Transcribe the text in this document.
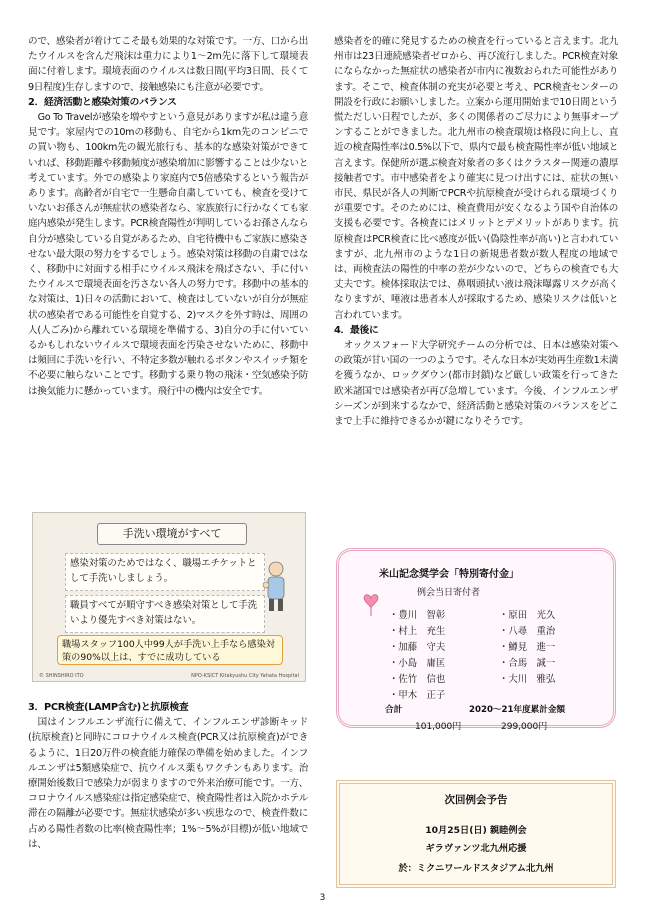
ので、感染者が着けてこそ最も効果的な対策です。一方、口から出たウイルスを含んだ飛沫は重力により1～2m先に落下して環境表面に付着します。環境表面のウイルスは数日間(平均3日間、長くて9日程度)生存しますので、接触感染にも注意が必要です。

2．経済活動と感染対策のバランス

Go To Travelが感染を増やすという意見がありますが私は違う意見です。家屋内での10mの移動も、自宅から1km先のコンビニでの買い物も、100km先の観光旅行も、基本的な感染対策ができていれば、移動距離や移動頻度が感染増加に影響することは少ないと考えています。外での感染より家庭内で5倍感染するという報告があります。高齢者が自宅で一生懸命自粛していても、検査を受けていないお孫さんが無症状の感染者なら、家族旅行に行かなくても家庭内感染が発生します。PCR検査陽性が判明しているお孫さんなら自分が感染している自覚があるため、自宅待機中もご家族に感染させない最大限の努力をするでしょう。感染対策は移動の自粛ではなく、移動中に対面する相手にウイルス飛沫を飛ばさない、手に付いたウイルスで環境表面を汚さない各人の努力です。移動中の基本的な対策は、1)日々の活動において、検査はしていないが自分が無症状の感染者である可能性を自覚する、2)マスクを外す時は、周囲の人(人ごみ)から離れている環境を準備する、3)自分の手に付いているかもしれないウイルスで環境表面を汚染させないために、移動中は頻回に手洗いを行い、不特定多数が触れるボタンやスイッチ類を不必要に触らないことです。移動する乗り物の飛沫・空気感染予防は換気能力に懸かっています。飛行中の機内は安全です。

手洗い環境がすべて
感染対策のためではなく、職場エチケットとして手洗いしましょう。
職員すべてが順守すべき感染対策として手洗いより優先すべき対策はない。
職場スタッフ100人中99人が手洗い上手なら感染対策の90%以上は、すでに成功している
© SHINSHIRO ITO	NPO-KSICT Kitakyushu City Yahata Hospital
3．PCR検査(LAMP含む)と抗原検査

国はインフルエンザ流行に備えて、インフルエンザ診断キッド(抗原検査)と同時にコロナウイルス検査(PCR又は抗原検査)ができるように、1日20万件の検査能力確保の準備を始めました。インフルエンザは5類感染症で、抗ウイルス薬もワクチンもあります。治療開始後数日で感染力が弱まりますので外来治療可能です。一方、コロナウイルス感染症は指定感染症で、検査陽性者は入院かホテル滞在の隔離が必要です。無症状感染が多い疾患なので、検査件数に占める陽性者数の比率(検査陽性率；1%～5%が目標)が低い地域では、

感染者を的確に発見するための検査を行っていると言えます。北九州市は23日連続感染者ゼロから、再び流行しました。PCR検査対象にならなかった無症状の感染者が市内に複数おられた可能性があります。そこで、検査体制の充実が必要と考え、PCR検査センターの開設を行政にお願いしました。立案から運用開始まで10日間という慌ただしい日程でしたが、多くの関係者のご尽力により無事オープンすることができました。北九州市の検査環境は格段に向上し、直近の検査陽性率は0.5%以下で、県内で最も検査陽性率が低い地域と言えます。保健所が選ぶ検査対象者の多くはクラスター関連の濃厚接触者です。市中感染者をより確実に見つけ出すには、症状の無い市民、県民が各人の判断でPCRや抗原検査が受けられる環境づくりが重要です。そのためには、検査費用が安くなるよう国や自治体の支援も必要です。各検査にはメリットとデメリットがあります。抗原検査はPCR検査に比べ感度が低い(偽陰性率が高い)と言われていますが、北九州市のような1日の新規患者数が数人程度の地域では、両検査法の陽性的中率の差が少ないので、どちらの検査でも大丈夫です。検体採取法では、鼻咽頭拭い液は飛沫曝露リスクが高くなりますが、唾液は患者本人が採取するため、感染リスクは低いと言われています。

4．最後に

オックスフォード大学研究チームの分析では、日本は感染対策への政策が甘い国の一つのようです。そんな日本が実効再生産数1未満を獲うなか、ロックダウン(都市封鎖)など厳しい政策を行ってきた欧米諸国では感染者が再び急増しています。今後、インフルエンザシーズンが到来するなかで、経済活動と感染対策のバランスをどこまで上手に維持できるかが鍵になりそうです。

米山記念奨学会「特別寄付金」
例会当日寄付者
・豊川　智彰	・原田　光久
・村上　充生	・八尋　重治
・加藤　守夫	・鱒見　進一
・小島　庸匡	・合馬　誠一
・佐竹　信也	・大川　雅弘
・甲木　正子
合計	2020～21年度累計金額
101,000円	299,000円
次回例会予告
10月25日(日) 親睦例会
ギラヴァンツ北九州応援
於：ミクニワールドスタジアム北九州
3
